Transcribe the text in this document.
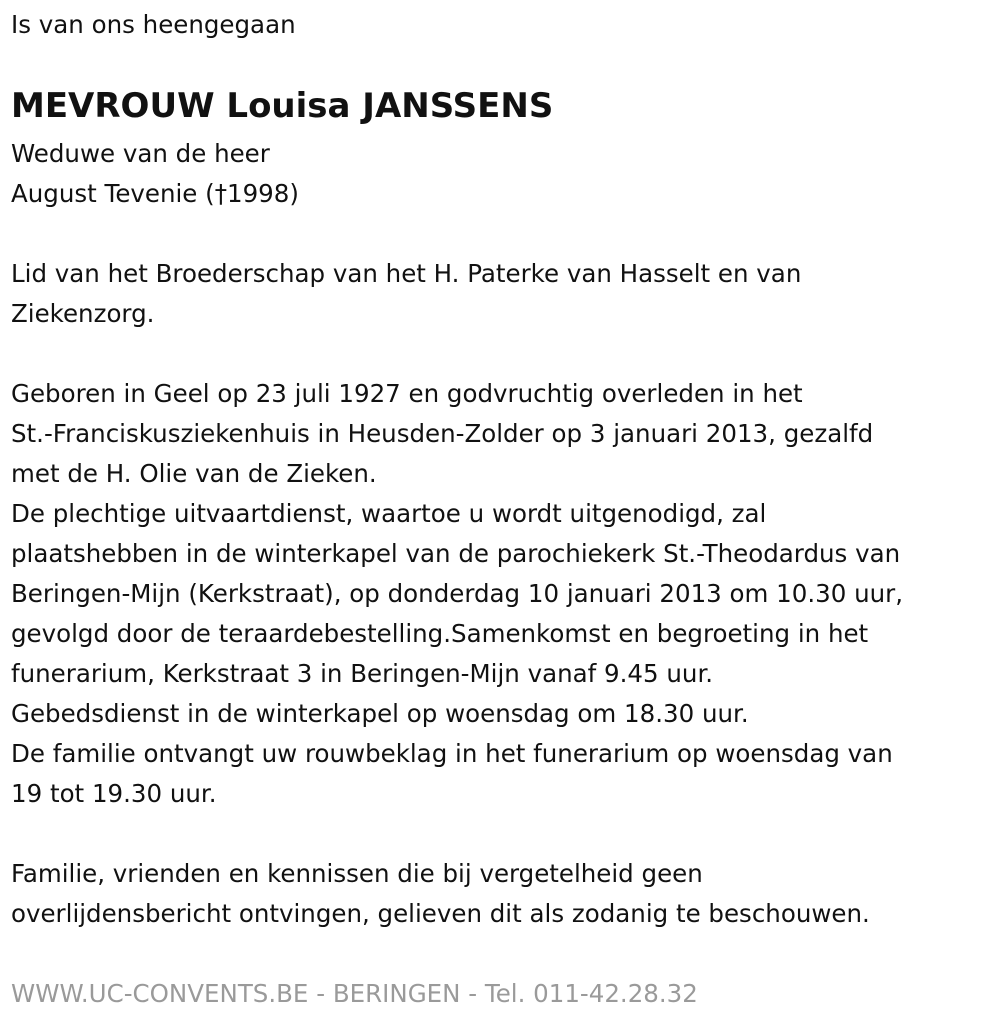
Is van ons heengegaan

MEVROUW Louisa JANSSENS

Weduwe van de heer

August Tevenie (†1998)

Lid van het Broederschap van het H. Paterke van Hasselt en van

Ziekenzorg.

Geboren in Geel op 23 juli 1927 en godvruchtig overleden in het

St.-Franciskusziekenhuis in Heusden-Zolder op 3 januari 2013, gezalfd

met de H. Olie van de Zieken.

De plechtige uitvaartdienst, waartoe u wordt uitgenodigd, zal

plaatshebben in de winterkapel van de parochiekerk St.-Theodardus van

Beringen-Mijn (Kerkstraat), op donderdag 10 januari 2013 om 10.30 uur,

gevolgd door de teraardebestelling.Samenkomst en begroeting in het

funerarium, Kerkstraat 3 in Beringen-Mijn vanaf 9.45 uur.

Gebedsdienst in de winterkapel op woensdag om 18.30 uur.

De familie ontvangt uw rouwbeklag in het funerarium op woensdag van

19 tot 19.30 uur.

Familie, vrienden en kennissen die bij vergetelheid geen

overlijdensbericht ontvingen, gelieven dit als zodanig te beschouwen.

WWW.UC-CONVENTS.BE - BERINGEN - Tel. 011-42.28.32
